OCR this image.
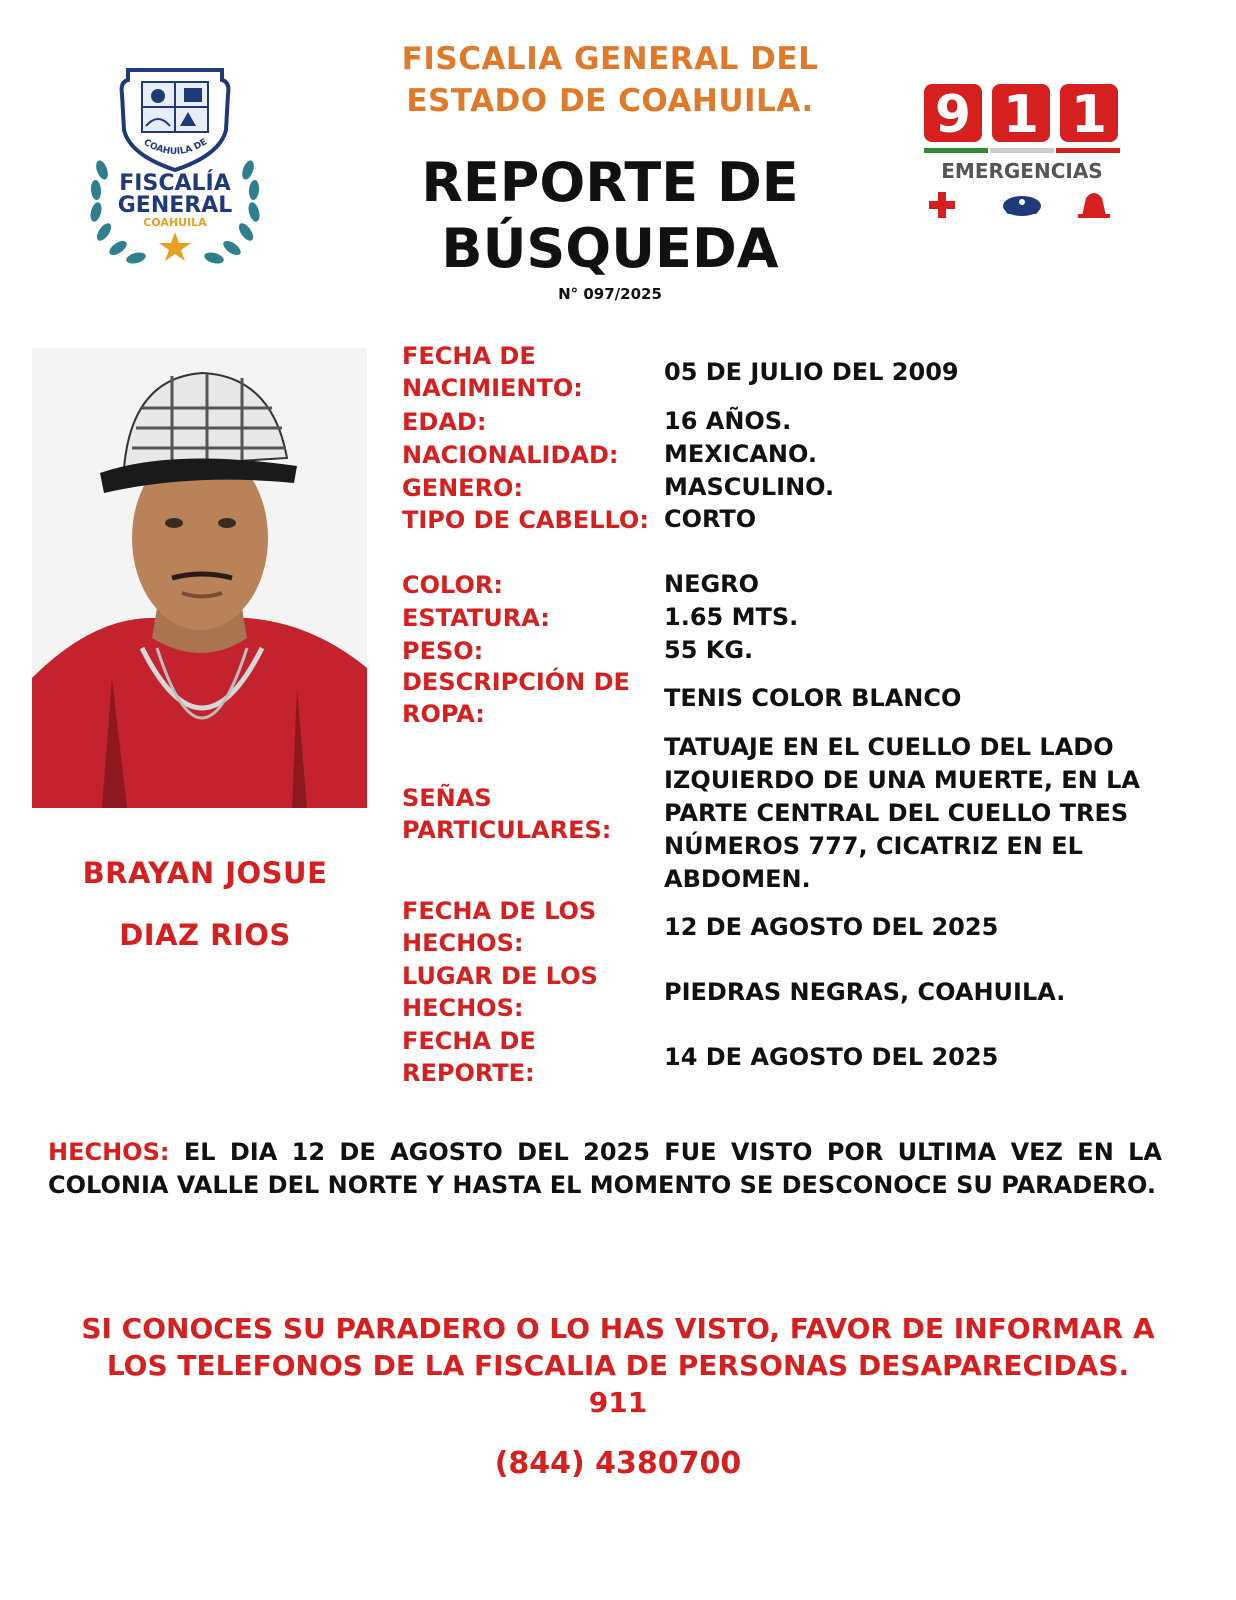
COAHUILA DE
FISCALÍA
GENERAL
COAHUILA
FISCALIA GENERAL DEL
ESTADO DE COAHUILA.
REPORTE DE
BÚSQUEDA
N° 097/2025
9 1 1
EMERGENCIAS
BRAYAN JOSUE
DIAZ RIOS
FECHA DE NACIMIENTO:
05 DE JULIO DEL 2009
EDAD:	16 AÑOS.
NACIONALIDAD:	MEXICANO.
GENERO:	MASCULINO.
TIPO DE CABELLO: CORTO
COLOR:	NEGRO
ESTATURA:	1.65 MTS.
PESO:	55 KG.
DESCRIPCIÓN DE ROPA:
TENIS COLOR BLANCO
SEÑAS PARTICULARES:
TATUAJE EN EL CUELLO DEL LADO IZQUIERDO DE UNA MUERTE, EN LA PARTE CENTRAL DEL CUELLO TRES NÚMEROS 777, CICATRIZ EN EL ABDOMEN.
FECHA DE LOS HECHOS:
12 DE AGOSTO DEL 2025
LUGAR DE LOS HECHOS:
PIEDRAS NEGRAS, COAHUILA.
FECHA DE REPORTE:
14 DE AGOSTO DEL 2025
HECHOS: EL DIA 12 DE AGOSTO DEL 2025 FUE VISTO POR ULTIMA VEZ EN LA COLONIA VALLE DEL NORTE Y HASTA EL MOMENTO SE DESCONOCE SU PARADERO.
SI CONOCES SU PARADERO O LO HAS VISTO, FAVOR DE INFORMAR A
LOS TELEFONOS DE LA FISCALIA DE PERSONAS DESAPARECIDAS.
911
(844) 4380700
